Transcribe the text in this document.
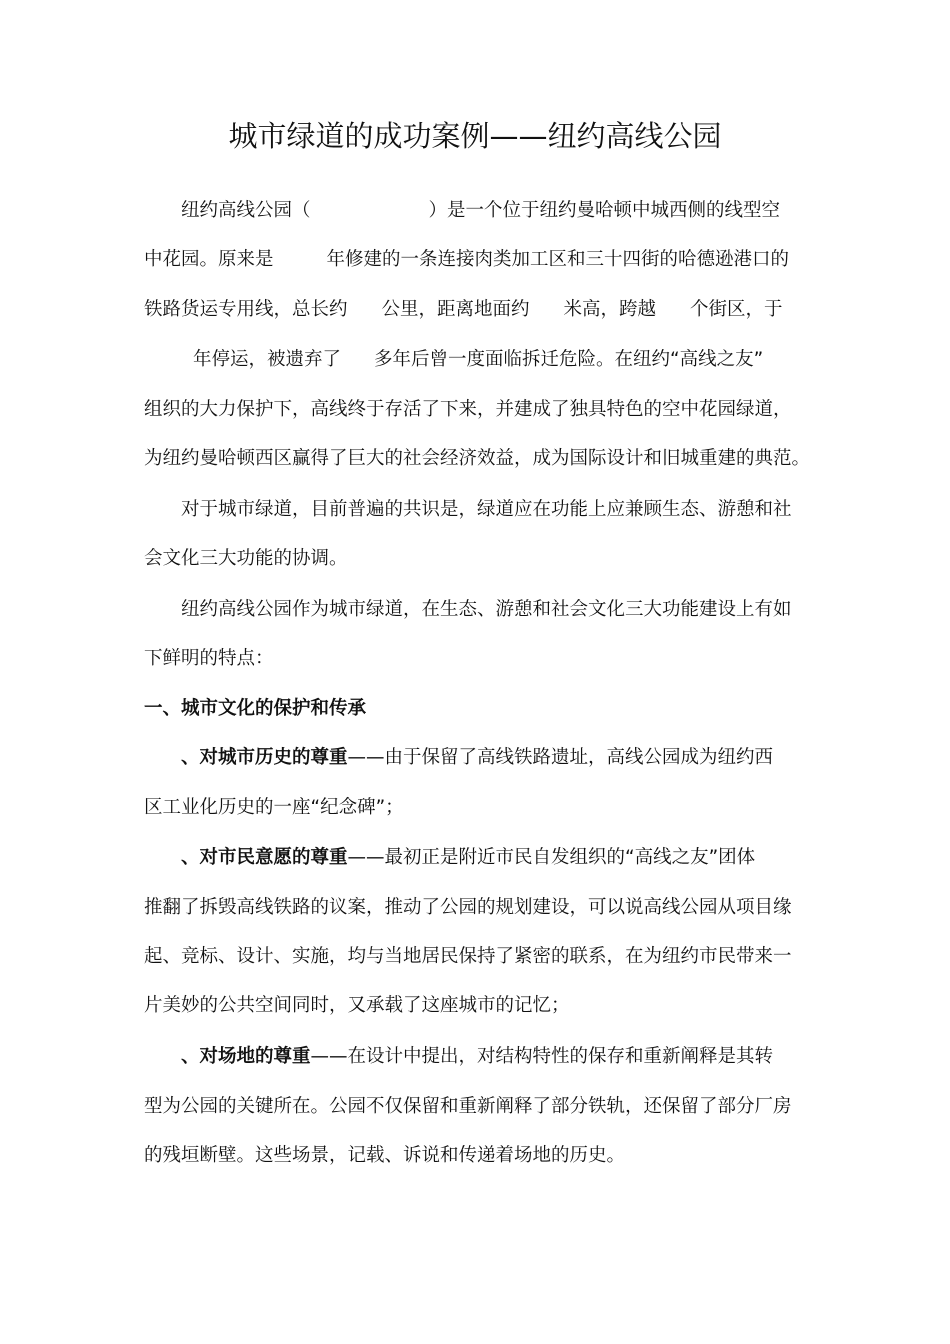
城市绿道的成功案例——纽约高线公园

纽约高线公园（	）是一个位于纽约曼哈顿中城西侧的线型空

中花园。原来是	年修建的一条连接肉类加工区和三十四街的哈德逊港口的

铁路货运专用线，总长约 公里，距离地面约 米高，跨越 个街区，于

年停运，被遗弃了 多年后曾一度面临拆迁危险。在纽约“高线之友”

组织的大力保护下，高线终于存活了下来，并建成了独具特色的空中花园绿道，

为纽约曼哈顿西区赢得了巨大的社会经济效益，成为国际设计和旧城重建的典范。

对于城市绿道，目前普遍的共识是，绿道应在功能上应兼顾生态、游憩和社

会文化三大功能的协调。

纽约高线公园作为城市绿道，在生态、游憩和社会文化三大功能建设上有如

下鲜明的特点：

一、城市文化的保护和传承

、对城市历史的尊重——由于保留了高线铁路遗址，高线公园成为纽约西

区工业化历史的一座“纪念碑”；

、对市民意愿的尊重——最初正是附近市民自发组织的“高线之友”团体

推翻了拆毁高线铁路的议案，推动了公园的规划建设，可以说高线公园从项目缘

起、竞标、设计、实施，均与当地居民保持了紧密的联系，在为纽约市民带来一

片美妙的公共空间同时，又承载了这座城市的记忆；

、对场地的尊重——在设计中提出，对结构特性的保存和重新阐释是其转

型为公园的关键所在。公园不仅保留和重新阐释了部分铁轨，还保留了部分厂房

的残垣断壁。这些场景，记载、诉说和传递着场地的历史。
